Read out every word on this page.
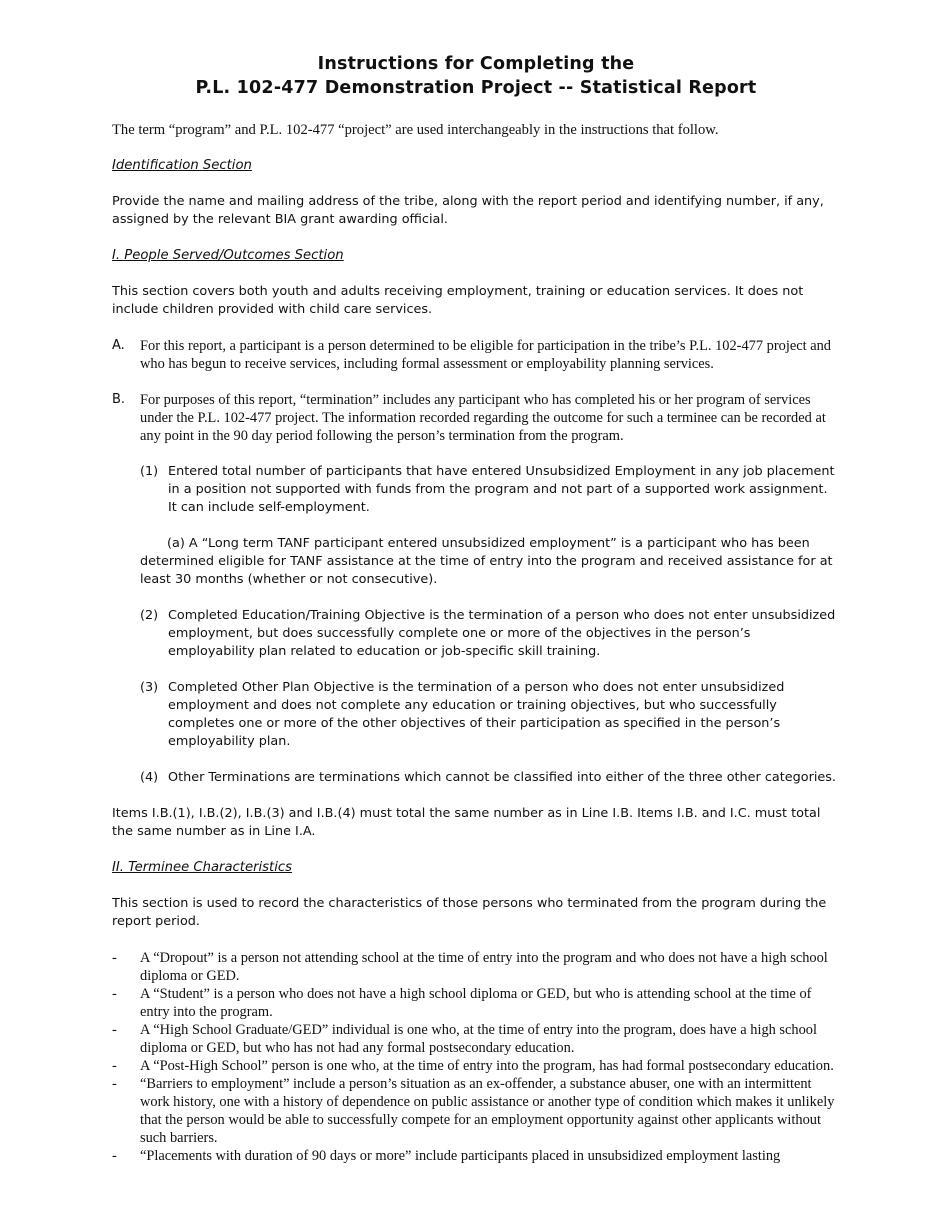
Instructions for Completing the
P.L. 102-477 Demonstration Project -- Statistical Report
The term “program” and P.L. 102-477 “project” are used interchangeably in the instructions that follow.
Identification Section
Provide the name and mailing address of the tribe, along with the report period and identifying number, if any, assigned by the relevant BIA grant awarding official.
I. People Served/Outcomes Section
This section covers both youth and adults receiving employment, training or education services. It does not include children provided with child care services.
A. For this report, a participant is a person determined to be eligible for participation in the tribe’s P.L. 102-477 project and who has begun to receive services, including formal assessment or employability planning services.
B. For purposes of this report, “termination” includes any participant who has completed his or her program of services under the P.L. 102-477 project. The information recorded regarding the outcome for such a terminee can be recorded at any point in the 90 day period following the person’s termination from the program.
(1) Entered total number of participants that have entered Unsubsidized Employment in any job placement in a position not supported with funds from the program and not part of a supported work assignment. It can include self-employment.
(a) A “Long term TANF participant entered unsubsidized employment” is a participant who has been determined eligible for TANF assistance at the time of entry into the program and received assistance for at least 30 months (whether or not consecutive).
(2) Completed Education/Training Objective is the termination of a person who does not enter unsubsidized employment, but does successfully complete one or more of the objectives in the person’s employability plan related to education or job-specific skill training.
(3) Completed Other Plan Objective is the termination of a person who does not enter unsubsidized employment and does not complete any education or training objectives, but who successfully completes one or more of the other objectives of their participation as specified in the person’s employability plan.
(4) Other Terminations are terminations which cannot be classified into either of the three other categories.
Items I.B.(1), I.B.(2), I.B.(3) and I.B.(4) must total the same number as in Line I.B. Items I.B. and I.C. must total the same number as in Line I.A.
II. Terminee Characteristics
This section is used to record the characteristics of those persons who terminated from the program during the report period.
- A “Dropout” is a person not attending school at the time of entry into the program and who does not have a high school diploma or GED.
- A “Student” is a person who does not have a high school diploma or GED, but who is attending school at the time of entry into the program.
- A “High School Graduate/GED” individual is one who, at the time of entry into the program, does have a high school diploma or GED, but who has not had any formal postsecondary education.
- A “Post-High School” person is one who, at the time of entry into the program, has had formal postsecondary education.
- “Barriers to employment” include a person’s situation as an ex-offender, a substance abuser, one with an intermittent work history, one with a history of dependence on public assistance or another type of condition which makes it unlikely that the person would be able to successfully compete for an employment opportunity against other applicants without such barriers.
- “Placements with duration of 90 days or more” include participants placed in unsubsidized employment lasting
